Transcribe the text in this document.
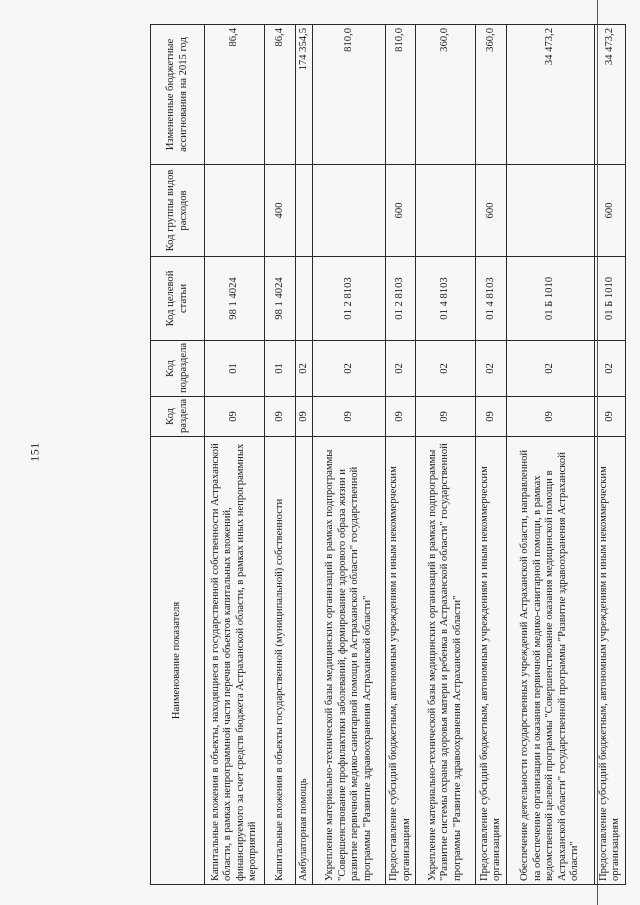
151
Наименование показателя	Код раздела	Код подраздела	Код целевой статьи	Код группы видов расходов	Измененные бюджетные ассигнования на 2015 год
Капитальные вложения в объекты, находящиеся в государственной собственности Астраханской области, в рамках непрограммной части перечня объектов капитальных вложений, финансируемого за счет средств бюджета Астраханской области, в рамках иных непрограммных мероприятий	09	01	98 1 4024		86,4
Капитальные вложения в объекты государственной (муниципальной) собственности	09	01	98 1 4024	400	86,4
Амбулаторная помощь	09	02			174 354,5
Укрепление материально-технической базы медицинских организаций в рамках подпрограммы "Совершенствование профилактики заболеваний, формирование здорового образа жизни и развитие первичной медико-санитарной помощи в Астраханской области" государственной программы "Развитие здравоохранения Астраханской области"	09	02	01 2 8103		810,0
Предоставление субсидий бюджетным, автономным учреждениям и иным некоммерческим организациям	09	02	01 2 8103	600	810,0
Укрепление материально-технической базы медицинских организаций в рамках подпрограммы "Развитие системы охраны здоровья матери и ребенка в Астраханской области" государственной программы "Развитие здравоохранения Астраханской области"	09	02	01 4 8103		360,0
Предоставление субсидий бюджетным, автономным учреждениям и иным некоммерческим организациям	09	02	01 4 8103	600	360,0
Обеспечение деятельности государственных учреждений Астраханской области, направленной на обеспечение организации и оказания первичной медико-санитарной помощи, в рамках ведомственной целевой программы "Совершенствование оказания медицинской помощи в Астраханской области" государственной программы "Развитие здравоохранения Астраханской области"	09	02	01 Б 1010		34 473,2
Предоставление субсидий бюджетным, автономным учреждениям и иным некоммерческим организациям	09	02	01 Б 1010	600	34 473,2
